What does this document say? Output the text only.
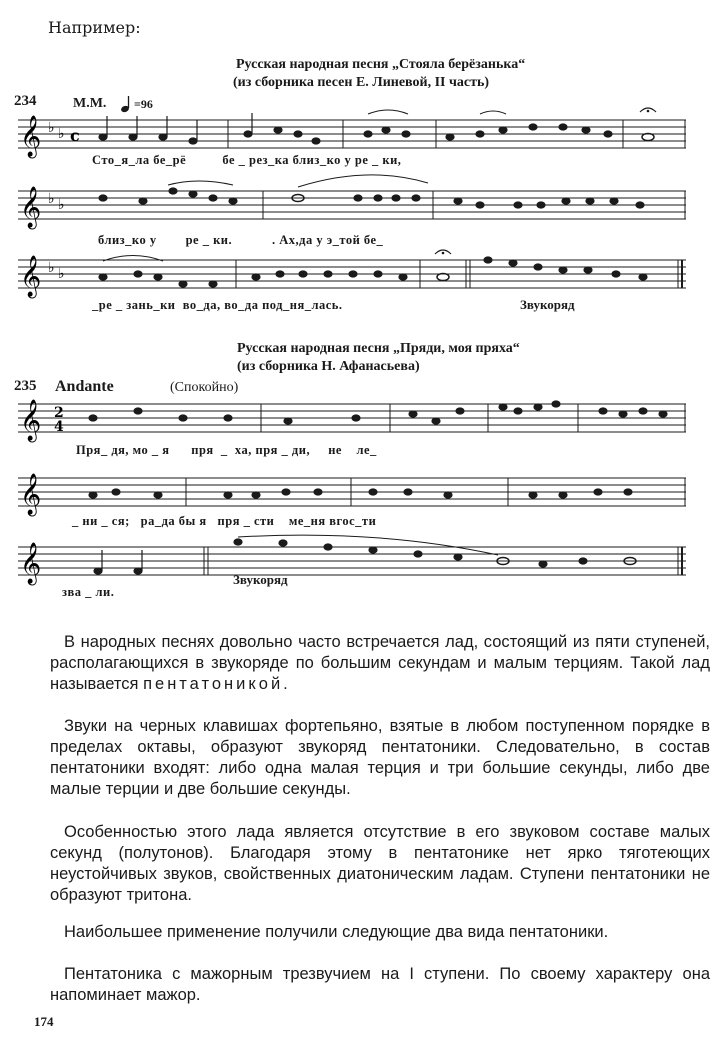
Например:
Русская народная песня „Стояла берёзанька“
(из сборника песен Е. Линевой, II часть)
234	М.М. =96
𝄞 ♭ ♭ c
Сто_я_ла бе_рё          бе _ рез_ка близ_ко у ре _ ки,
𝄞 ♭ ♭
близ_ко у        ре _ ки.           . Ах,да у э_той бе_
𝄞 ♭ ♭
_ре _ зань_ки  во_да, во_да под_ня_лась.	Звукоряд
Русская народная песня „Пряди, моя пряха“
(из сборника Н. Афанасьева)
235 Andante	(Спокойно)
𝄞 2
4
Пря_ дя, мо _ я      пря  _  ха, пря _ ди,     не    ле_
𝄞
_ ни _ ся;   ра_да бы я   пря _ сти    ме_ня вгос_ти
𝄞
зва _ ли.
Звукоряд

В народных песнях довольно часто встречается лад, состоящий из пяти ступеней, располагающихся в звукоряде по большим секундам и малым терциям. Такой лад называется пентатоникой.

Звуки на черных клавишах фортепьяно, взятые в любом поступенном порядке в пределах октавы, образуют звукоряд пентатоники. Следовательно, в состав пентатоники входят: либо одна малая терция и три большие секунды, либо две малые терции и две большие секунды.

Особенностью этого лада является отсутствие в его звуковом составе малых секунд (полутонов). Благодаря этому в пентатонике нет ярко тяготеющих неустойчивых звуков, свойственных диатоническим ладам. Ступени пентатоники не образуют тритона.

Наибольшее применение получили следующие два вида пентатоники.

Пентатоника с мажорным трезвучием на I ступени. По своему характеру она напоминает мажор.

174
